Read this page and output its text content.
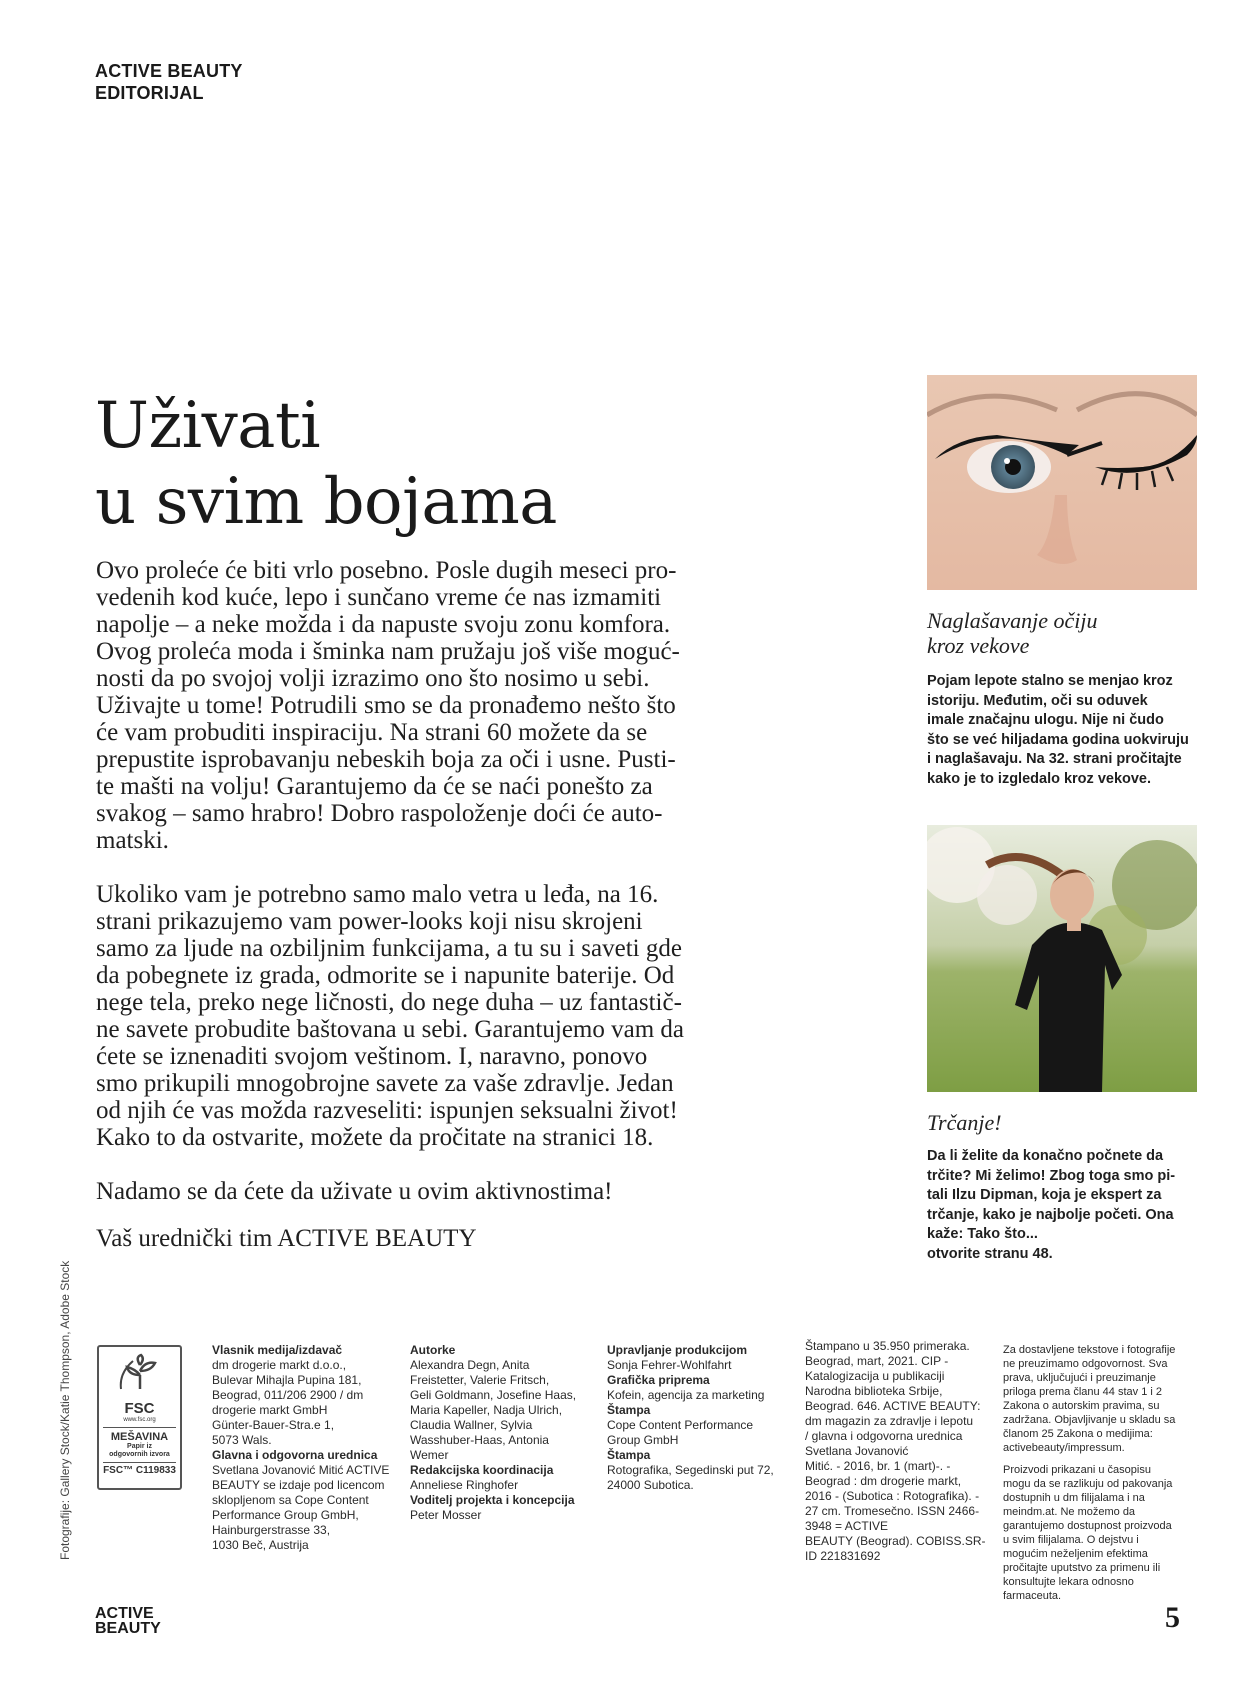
ACTIVE BEAUTY
EDITORIJAL
Uživati
u svim bojama

Ovo proleće će biti vrlo posebno. Posle dugih meseci pro-
vedenih kod kuće, lepo i sunčano vreme će nas izmamiti
napolje – a neke možda i da napuste svoju zonu komfora.
Ovog proleća moda i šminka nam pružaju još više moguć-
nosti da po svojoj volji izrazimo ono što nosimo u sebi.
Uživajte u tome! Potrudili smo se da pronađemo nešto što
će vam probuditi inspiraciju. Na strani 60 možete da se
prepustite isprobavanju nebeskih boja za oči i usne. Pusti-
te mašti na volju! Garantujemo da će se naći ponešto za
svakog – samo hrabro! Dobro raspoloženje doći će auto-
matski.

Ukoliko vam je potrebno samo malo vetra u leđa, na 16.
strani prikazujemo vam power-looks koji nisu skrojeni
samo za ljude na ozbiljnim funkcijama, a tu su i saveti gde
da pobegnete iz grada, odmorite se i napunite baterije. Od
nege tela, preko nege ličnosti, do nege duha – uz fantastič-
ne savete probudite baštovana u sebi. Garantujemo vam da
ćete se iznenaditi svojom veštinom. I, naravno, ponovo
smo prikupili mnogobrojne savete za vaše zdravlje. Jedan
od njih će vas možda razveseliti: ispunjen seksualni život!
Kako to da ostvarite, možete da pročitate na stranici 18.

Nadamo se da ćete da uživate u ovim aktivnostima!

Vaš urednički tim ACTIVE BEAUTY

Naglašavanje očiju
kroz vekove
Pojam lepote stalno se menjao kroz
istoriju. Međutim, oči su oduvek
imale značajnu ulogu. Nije ni čudo
što se već hiljadama godina uokviruju
i naglašavaju. Na 32. strani pročitajte
kako je to izgledalo kroz vekove.
Trčanje!
Da li želite da konačno počnete da
trčite? Mi želimo! Zbog toga smo pi-
tali Ilzu Dipman, koja je ekspert za
trčanje, kako je najbolje početi. Ona
kaže: Tako što...
otvorite stranu 48.
Fotografije: Gallery Stock/Katie Thompson, Adobe Stock	FSC
www.fsc.org
MEŠAVINA
Papir iz
odgovornih izvora
FSC™ C119833
Vlasnik medija/izdavač
dm drogerie markt d.o.o.,
Bulevar Mihajla Pupina 181,
Beograd, 011/206 2900 / dm
drogerie markt GmbH
Günter-Bauer-Stra.e 1,
5073 Wals.
Glavna i odgovorna urednica
Svetlana Jovanović Mitić ACTIVE
BEAUTY se izdaje pod licencom
sklopljenom sa Cope Content
Performance Group GmbH,
Hainburgerstrasse 33,
1030 Beč, Austrija
Autorke
Alexandra Degn, Anita
Freistetter, Valerie Fritsch,
Geli Goldmann, Josefine Haas,
Maria Kapeller, Nadja Ulrich,
Claudia Wallner, Sylvia
Wasshuber-Haas, Antonia
Wemer
Redakcijska koordinacija
Anneliese Ringhofer
Voditelj projekta i koncepcija
Peter Mosser
Upravljanje produkcijom
Sonja Fehrer-Wohlfahrt
Grafička priprema
Kofein, agencija za marketing
Štampa
Cope Content Performance
Group GmbH
Štampa
Rotografika, Segedinski put 72,
24000 Subotica.
Štampano u 35.950 primeraka.
Beograd, mart, 2021. CIP -
Katalogizacija u publikaciji
Narodna biblioteka Srbije,
Beograd. 646. ACTIVE BEAUTY:
dm magazin za zdravlje i lepotu
/ glavna i odgovorna urednica
Svetlana Jovanović
Mitić. - 2016, br. 1 (mart)-. -
Beograd : dm drogerie markt,
2016 - (Subotica : Rotografika). -
27 cm. Tromesečno. ISSN 2466-
3948 = ACTIVE
BEAUTY (Beograd). COBISS.SR-
ID 221831692
Za dostavljene tekstove i fotografije
ne preuzimamo odgovornost. Sva
prava, uključujući i preuzimanje
priloga prema članu 44 stav 1 i 2
Zakona o autorskim pravima, su
zadržana. Objavljivanje u skladu sa
članom 25 Zakona o medijima:
activebeauty/impressum.
Proizvodi prikazani u časopisu
mogu da se razlikuju od pakovanja
dostupnih u dm filijalama i na
meindm.at. Ne možemo da
garantujemo dostupnost proizvoda
u svim filijalama. O dejstvu i
mogućim neželjenim efektima
pročitajte uputstvo za primenu ili
konsultujte lekara odnosno
farmaceuta.
ACTIVE
BEAUTY	5
